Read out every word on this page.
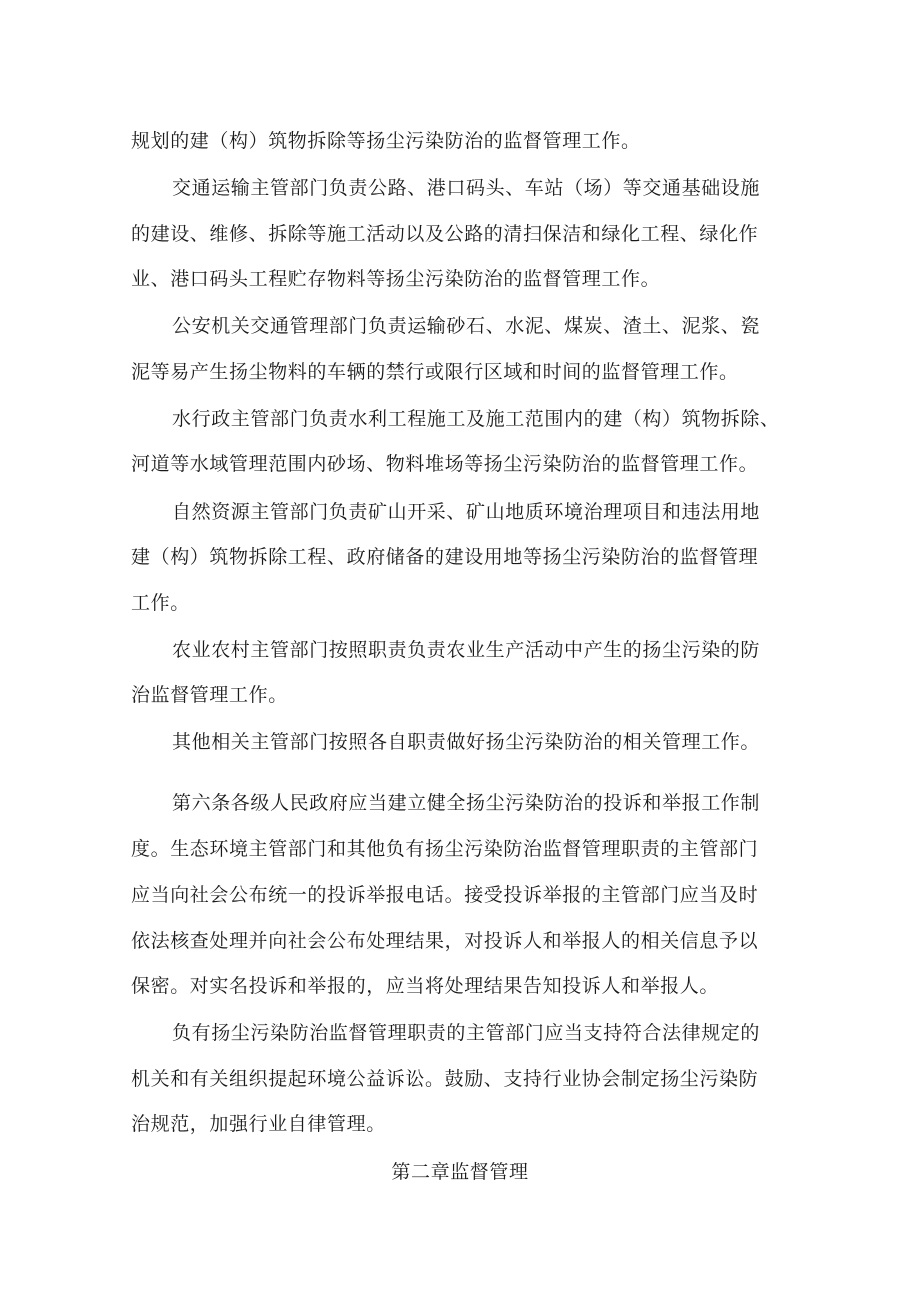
规划的建（构）筑物拆除等扬尘污染防治的监督管理工作。
交通运输主管部门负责公路、港口码头、车站（场）等交通基础设施
的建设、维修、拆除等施工活动以及公路的清扫保洁和绿化工程、绿化作
业、港口码头工程贮存物料等扬尘污染防治的监督管理工作。
公安机关交通管理部门负责运输砂石、水泥、煤炭、渣土、泥浆、瓷
泥等易产生扬尘物料的车辆的禁行或限行区域和时间的监督管理工作。
水行政主管部门负责水利工程施工及施工范围内的建（构）筑物拆除、
河道等水域管理范围内砂场、物料堆场等扬尘污染防治的监督管理工作。
自然资源主管部门负责矿山开采、矿山地质环境治理项目和违法用地
建（构）筑物拆除工程、政府储备的建设用地等扬尘污染防治的监督管理
工作。
农业农村主管部门按照职责负责农业生产活动中产生的扬尘污染的防
治监督管理工作。
其他相关主管部门按照各自职责做好扬尘污染防治的相关管理工作。
第六条各级人民政府应当建立健全扬尘污染防治的投诉和举报工作制
度。生态环境主管部门和其他负有扬尘污染防治监督管理职责的主管部门
应当向社会公布统一的投诉举报电话。接受投诉举报的主管部门应当及时
依法核查处理并向社会公布处理结果，对投诉人和举报人的相关信息予以
保密。对实名投诉和举报的，应当将处理结果告知投诉人和举报人。
负有扬尘污染防治监督管理职责的主管部门应当支持符合法律规定的
机关和有关组织提起环境公益诉讼。鼓励、支持行业协会制定扬尘污染防
治规范，加强行业自律管理。
第二章监督管理
